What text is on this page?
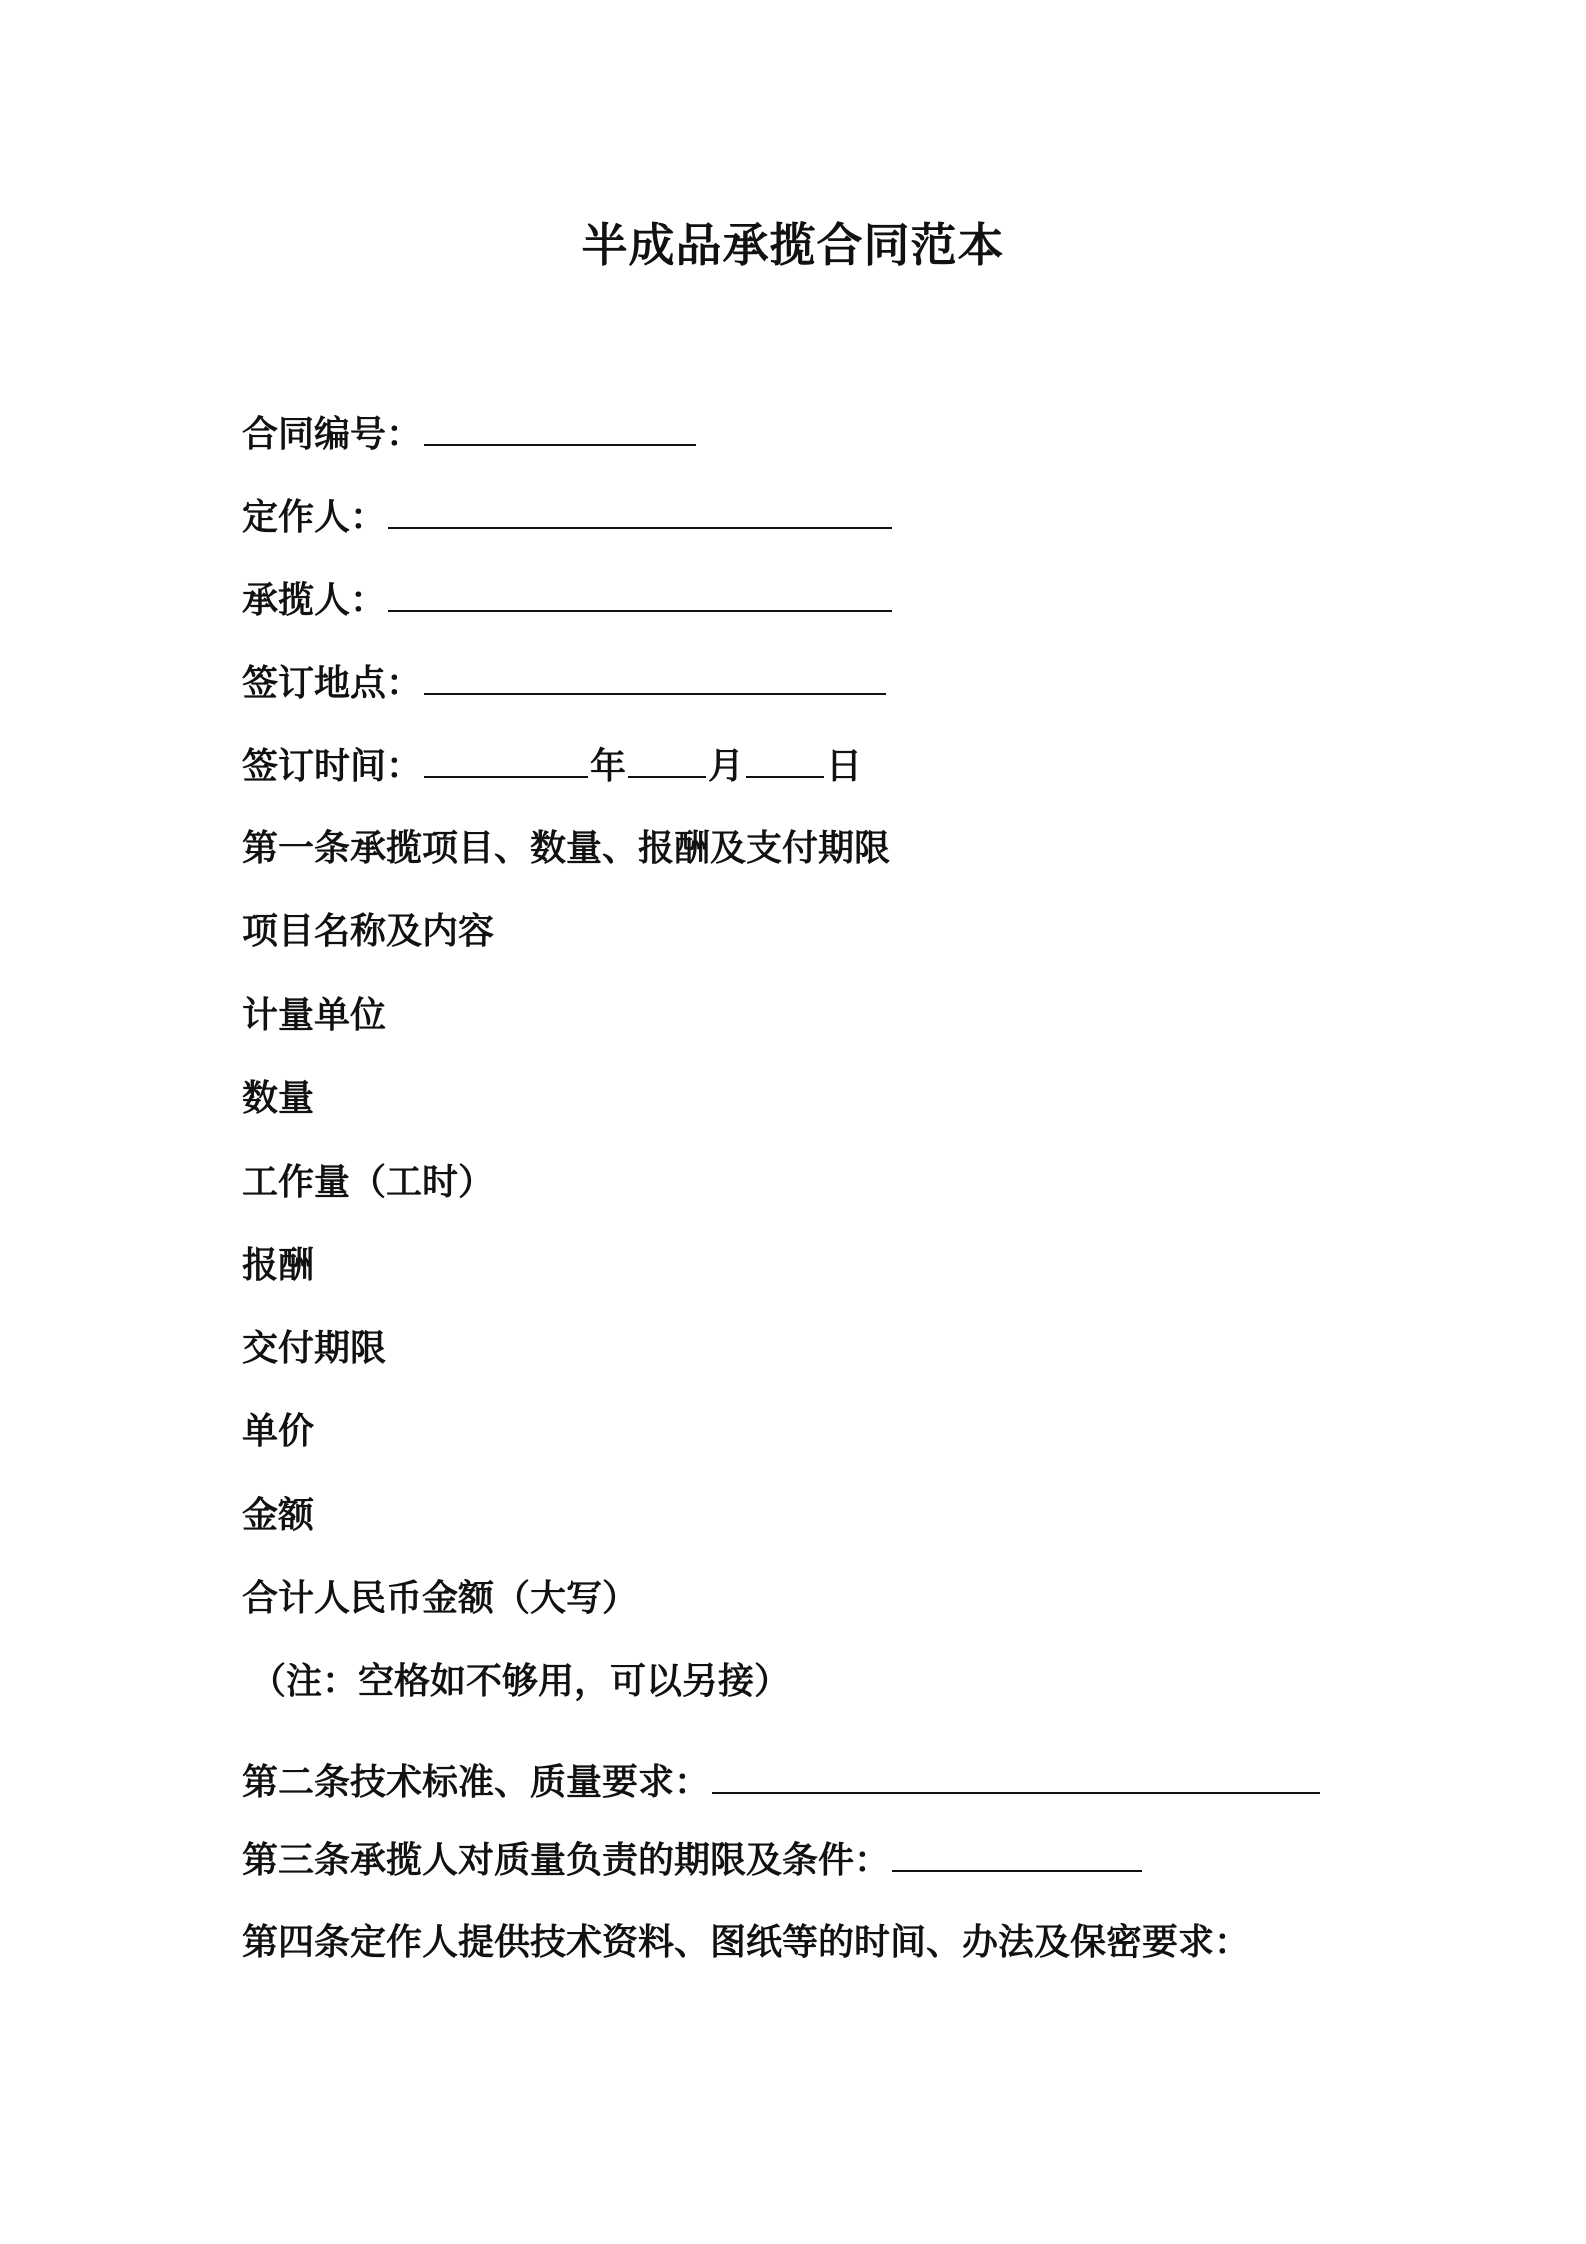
半成品承揽合同范本
合同编号：
定作人：
承揽人：
签订地点：
签订时间：	年 月 日
第一条承揽项目、数量、报酬及支付期限
项目名称及内容
计量单位
数量
工作量（工时）
报酬
交付期限
单价
金额
合计人民币金额（大写）
（注：空格如不够用，可以另接）
第二条技术标准、质量要求：
第三条承揽人对质量负责的期限及条件：
第四条定作人提供技术资料、图纸等的时间、办法及保密要求：
